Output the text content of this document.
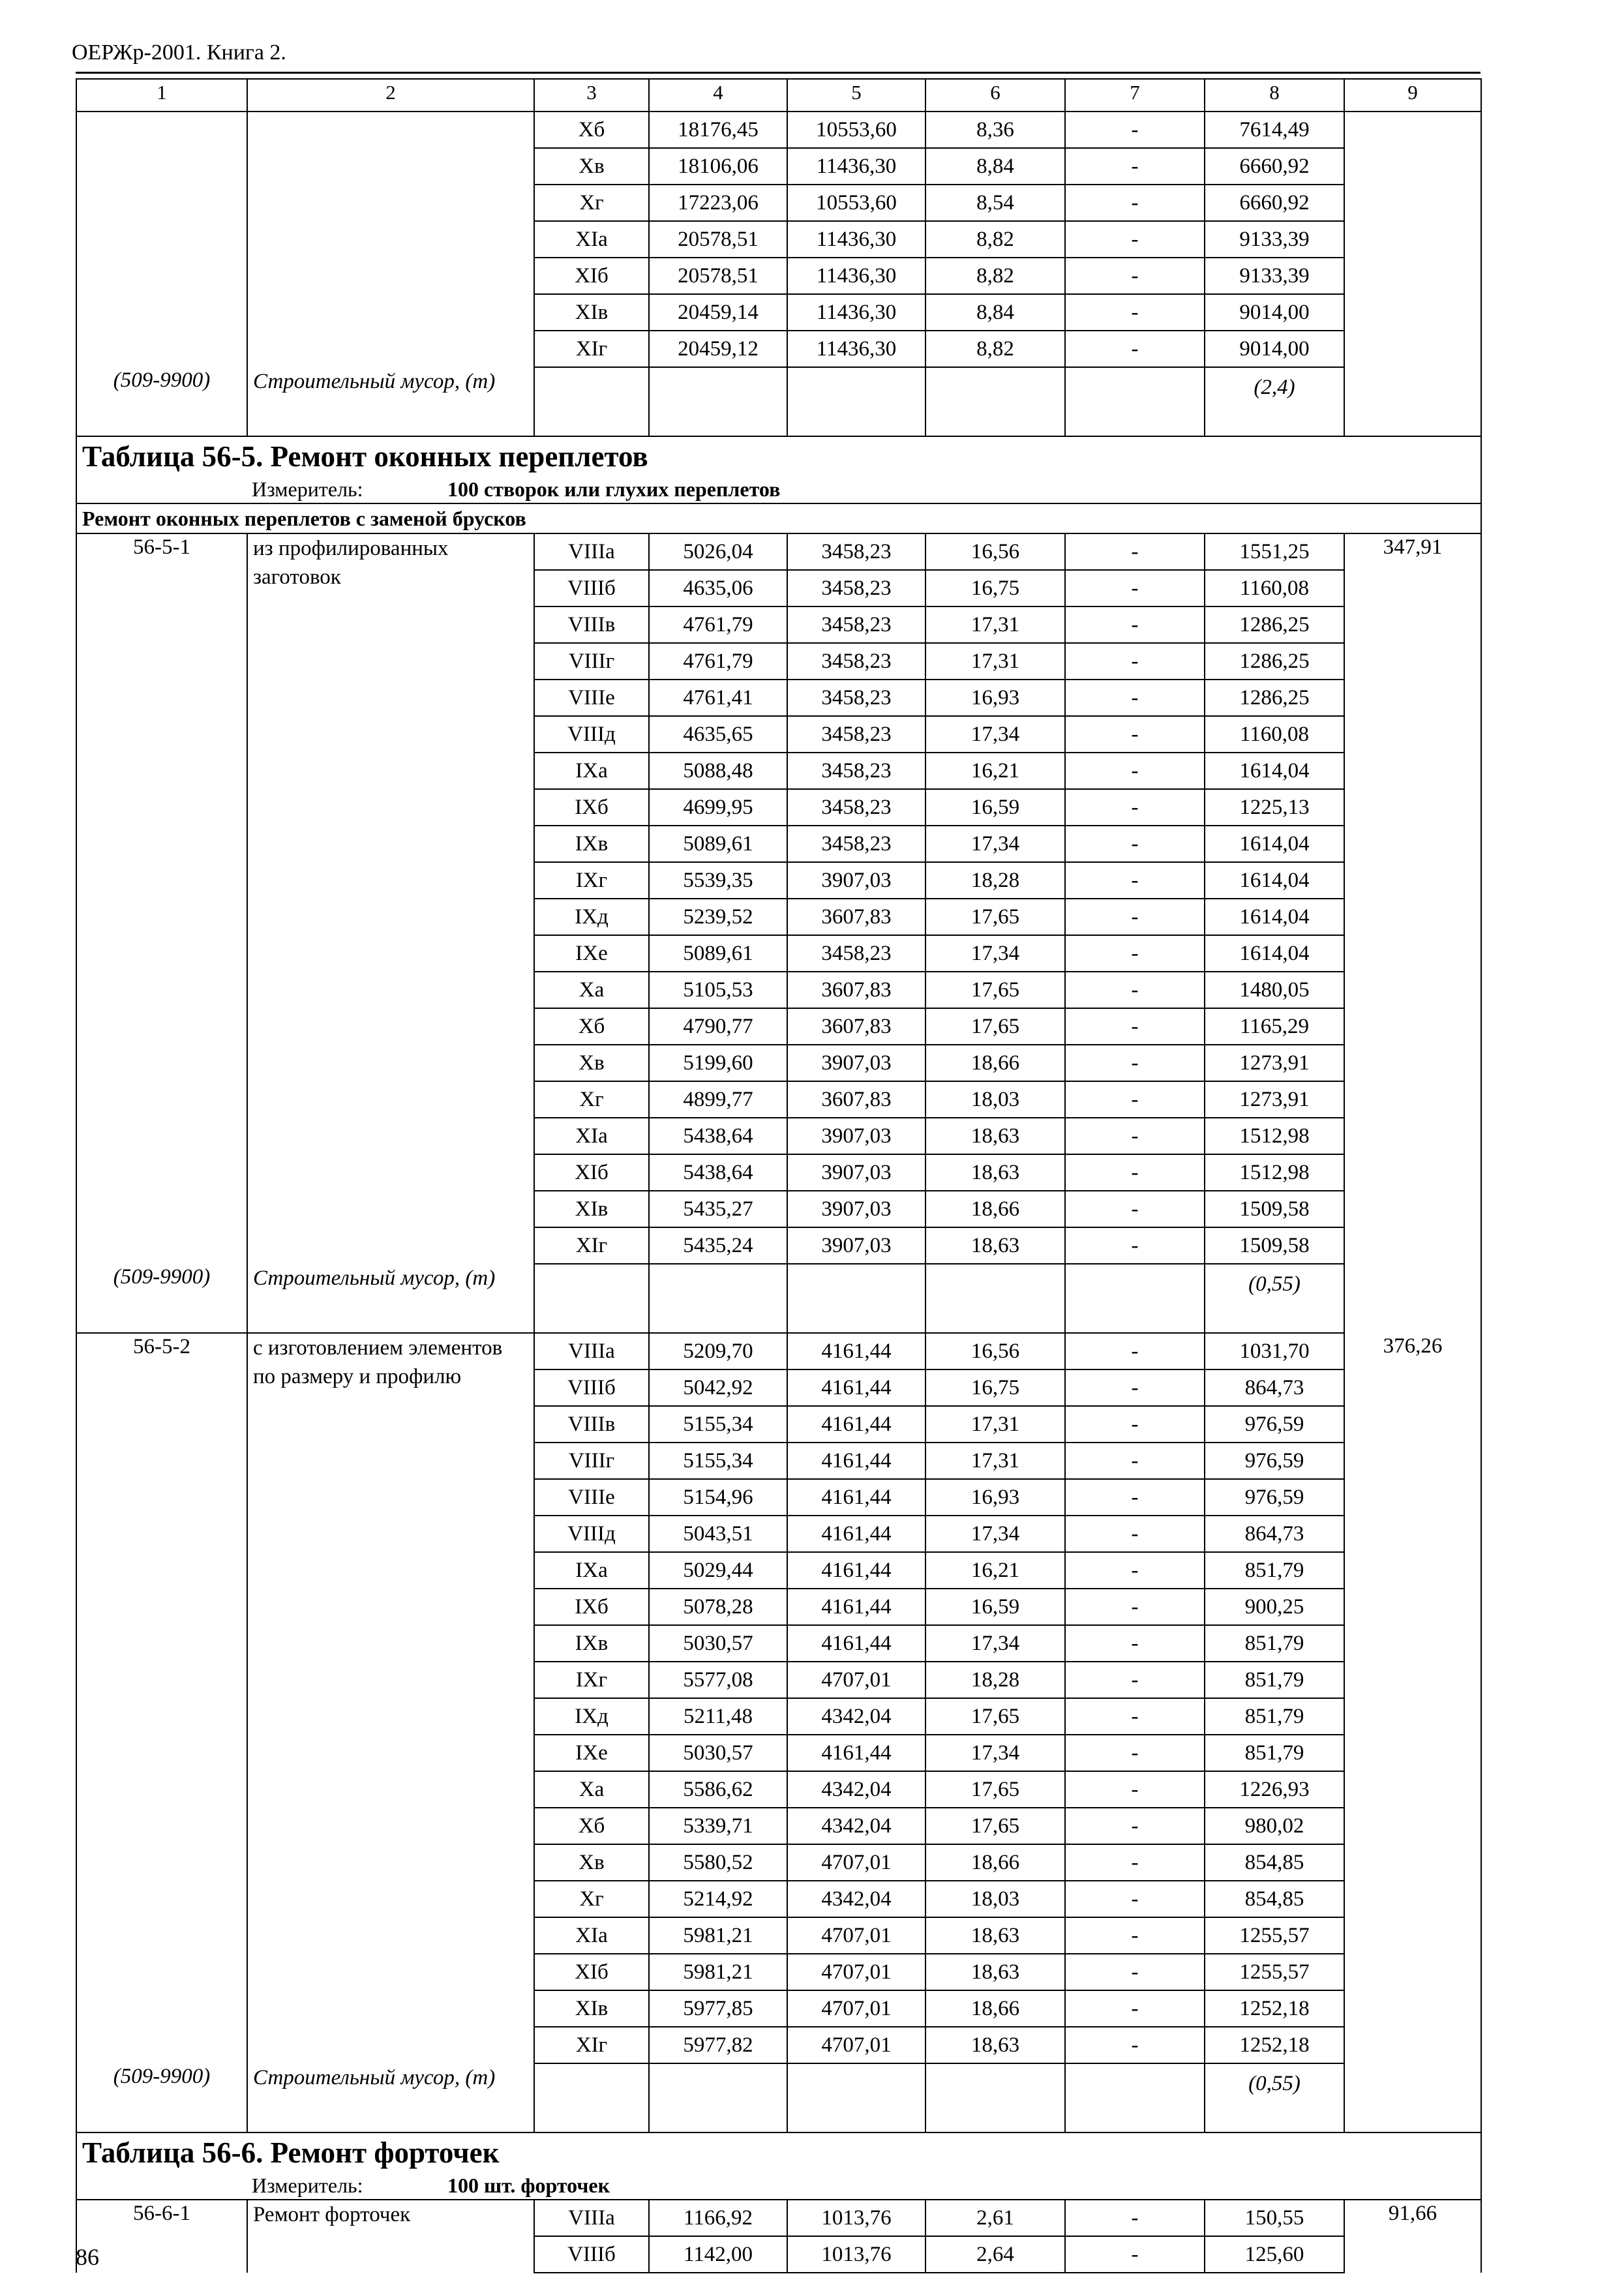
ОЕРЖр-2001. Книга 2.
1	2	3	4	5	6	7	8	9
		Хб	18176,45	10553,60	8,36	-	7614,49	
		Хв	18106,06	11436,30	8,84	-	6660,92	
		Хг	17223,06	10553,60	8,54	-	6660,92	
		ХIа	20578,51	11436,30	8,82	-	9133,39	
		ХIб	20578,51	11436,30	8,82	-	9133,39	
		ХIв	20459,14	11436,30	8,84	-	9014,00	
		ХIг	20459,12	11436,30	8,82	-	9014,00	
(509-9900)	Строительный мусор, (т)						(2,4)	
Таблица 56-5. Ремонт оконных переплетов								
Измеритель: 100 створок или глухих переплетов								
Ремонт оконных переплетов с заменой брусков								
56-5-1	из профилированных заготовок	VIIIа	5026,04	3458,23	16,56	-	1551,25	347,91
		VIIIб	4635,06	3458,23	16,75	-	1160,08	
		VIIIв	4761,79	3458,23	17,31	-	1286,25	
		VIIIг	4761,79	3458,23	17,31	-	1286,25	
		VIIIе	4761,41	3458,23	16,93	-	1286,25	
		VIIIд	4635,65	3458,23	17,34	-	1160,08	
		IХа	5088,48	3458,23	16,21	-	1614,04	
		IХб	4699,95	3458,23	16,59	-	1225,13	
		IХв	5089,61	3458,23	17,34	-	1614,04	
		IХг	5539,35	3907,03	18,28	-	1614,04	
		IХд	5239,52	3607,83	17,65	-	1614,04	
		IХе	5089,61	3458,23	17,34	-	1614,04	
		Ха	5105,53	3607,83	17,65	-	1480,05	
		Хб	4790,77	3607,83	17,65	-	1165,29	
		Хв	5199,60	3907,03	18,66	-	1273,91	
		Хг	4899,77	3607,83	18,03	-	1273,91	
		ХIа	5438,64	3907,03	18,63	-	1512,98	
		ХIб	5438,64	3907,03	18,63	-	1512,98	
		ХIв	5435,27	3907,03	18,66	-	1509,58	
		ХIг	5435,24	3907,03	18,63	-	1509,58	
(509-9900)	Строительный мусор, (т)						(0,55)	
56-5-2	с изготовлением элементов по размеру и профилю	VIIIа	5209,70	4161,44	16,56	-	1031,70	376,26
		VIIIб	5042,92	4161,44	16,75	-	864,73	
		VIIIв	5155,34	4161,44	17,31	-	976,59	
		VIIIг	5155,34	4161,44	17,31	-	976,59	
		VIIIе	5154,96	4161,44	16,93	-	976,59	
		VIIIд	5043,51	4161,44	17,34	-	864,73	
		IХа	5029,44	4161,44	16,21	-	851,79	
		IХб	5078,28	4161,44	16,59	-	900,25	
		IХв	5030,57	4161,44	17,34	-	851,79	
		IХг	5577,08	4707,01	18,28	-	851,79	
		IХд	5211,48	4342,04	17,65	-	851,79	
		IХе	5030,57	4161,44	17,34	-	851,79	
		Ха	5586,62	4342,04	17,65	-	1226,93	
		Хб	5339,71	4342,04	17,65	-	980,02	
		Хв	5580,52	4707,01	18,66	-	854,85	
		Хг	5214,92	4342,04	18,03	-	854,85	
		ХIа	5981,21	4707,01	18,63	-	1255,57	
		ХIб	5981,21	4707,01	18,63	-	1255,57	
		ХIв	5977,85	4707,01	18,66	-	1252,18	
		ХIг	5977,82	4707,01	18,63	-	1252,18	
(509-9900)	Строительный мусор, (т)						(0,55)	
Таблица 56-6. Ремонт форточек								
Измеритель: 100 шт. форточек								
56-6-1	Ремонт форточек	VIIIа	1166,92	1013,76	2,61	-	150,55	91,66
		VIIIб	1142,00	1013,76	2,64	-	125,60	
86
